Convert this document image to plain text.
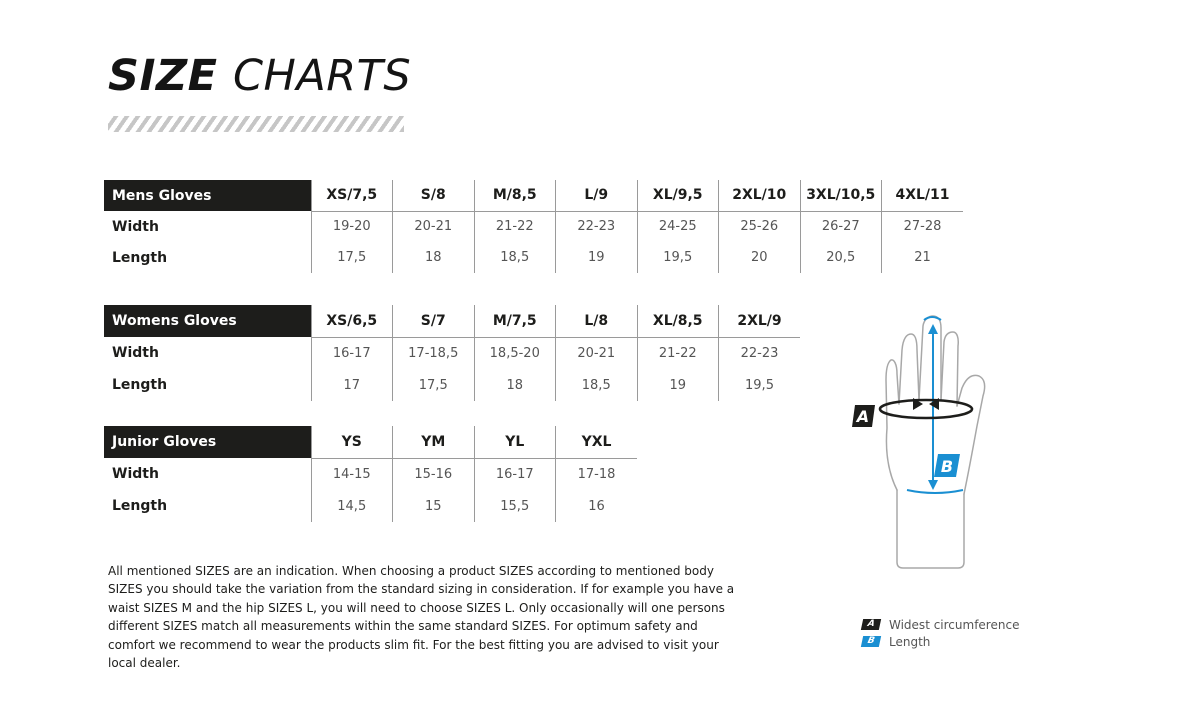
SIZE CHARTS
Mens Gloves	XS/7,5	S/8	M/8,5	L/9	XL/9,5	2XL/10	3XL/10,5	4XL/11
Width	19-20	20-21	21-22	22-23	24-25	25-26	26-27	27-28
Length	17,5	18	18,5	19	19,5	20	20,5	21
Womens Gloves	XS/6,5	S/7	M/7,5	L/8	XL/8,5	2XL/9
Width	16-17	17-18,5	18,5-20	20-21	21-22	22-23
Length	17	17,5	18	18,5	19	19,5
Junior Gloves	YS	YM	YL	YXL
Width	14-15	15-16	16-17	17-18
Length	14,5	15	15,5	16

All mentioned SIZES are an indication. When choosing a product SIZES according to mentioned body SIZES you should take the variation from the standard sizing in consideration. If for example you have a waist SIZES M and the hip SIZES L, you will need to choose SIZES L. Only occasionally will one persons different SIZES match all measurements within the same standard SIZES. For optimum safety and comfort we recommend to wear the products slim fit. For the best fitting you are advised to visit your local dealer.

A
B
A	Widest circumference
B	Length
